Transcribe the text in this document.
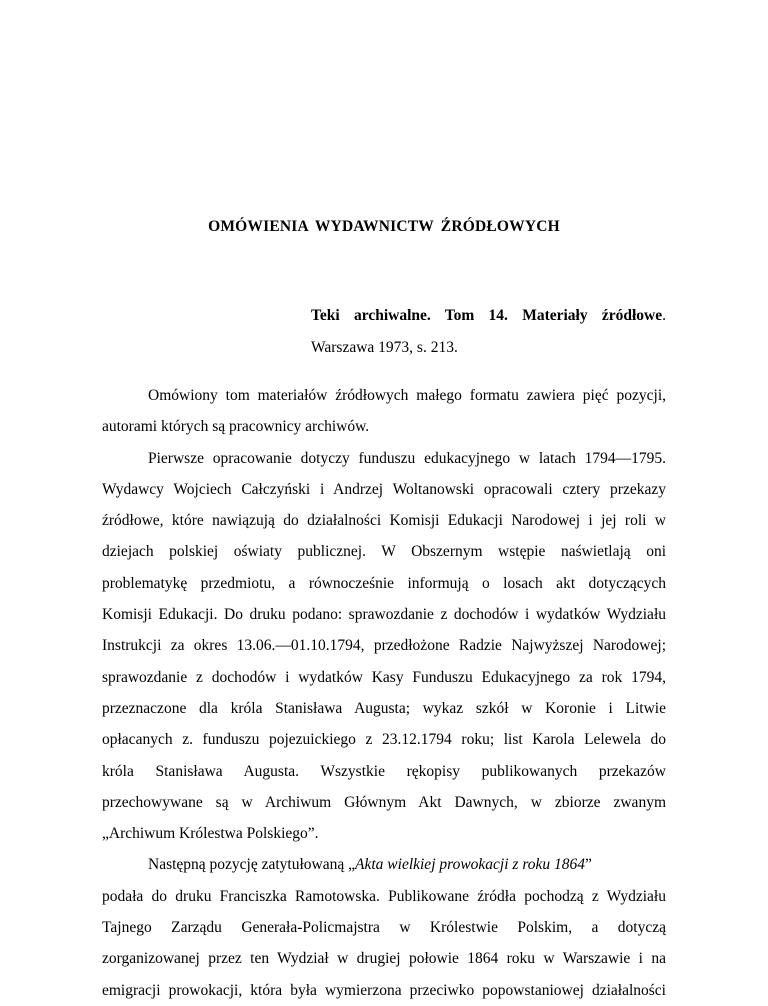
OMÓWIENIA WYDAWNICTW ŹRÓDŁOWYCH
Teki archiwalne. Tom 14. Materiały źródłowe.
Warszawa 1973, s. 213.
Omówiony tom materiałów źródłowych małego formatu zawiera pięć pozycji,
autorami których są pracownicy archiwów.
Pierwsze opracowanie dotyczy funduszu edukacyjnego w latach 1794—1795.
Wydawcy Wojciech Całczyński i Andrzej Woltanowski opracowali cztery przekazy
źródłowe, które nawiązują do działalności Komisji Edukacji Narodowej i jej roli w
dziejach polskiej oświaty publicznej. W Obszernym wstępie naświetlają oni
problematykę przedmiotu, a równocześnie informują o losach akt dotyczących
Komisji Edukacji. Do druku podano: sprawozdanie z dochodów i wydatków Wydziału
Instrukcji za okres 13.06.—01.10.1794, przedłożone Radzie Najwyższej Narodowej;
sprawozdanie z dochodów i wydatków Kasy Funduszu Edukacyjnego za rok 1794,
przeznaczone dla króla Stanisława Augusta; wykaz szkół w Koronie i Litwie
opłacanych z. funduszu pojezuickiego z 23.12.1794 roku; list Karola Lelewela do
króla Stanisława Augusta. Wszystkie rękopisy publikowanych przekazów
przechowywane są w Archiwum Głównym Akt Dawnych, w zbiorze zwanym
„Archiwum Królestwa Polskiego”.
Następną pozycję zatytułowaną „Akta wielkiej prowokacji z roku 1864”
podała do druku Franciszka Ramotowska. Publikowane źródła pochodzą z Wydziału
Tajnego Zarządu Generała-Policmajstra w Królestwie Polskim, a dotyczą
zorganizowanej przez ten Wydział w drugiej połowie 1864 roku w Warszawie i na
emigracji prowokacji, która była wymierzona przeciwko popowstaniowej działalności
